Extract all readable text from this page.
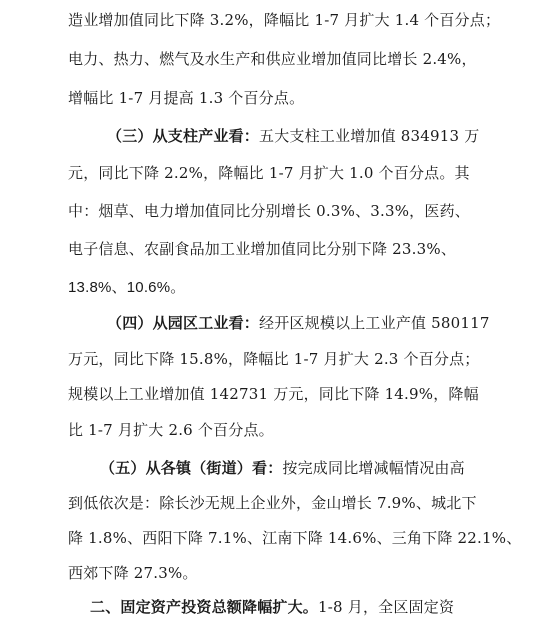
造业增加值同比下降 3.2%，降幅比 1-7 月扩大 1.4 个百分点；
电力、热力、燃气及水生产和供应业增加值同比增长 2.4%，
增幅比 1-7 月提高 1.3 个百分点。
（三）从支柱产业看：五大支柱工业增加值 834913 万
元，同比下降 2.2%，降幅比 1-7 月扩大 1.0 个百分点。其
中：烟草、电力增加值同比分别增长 0.3%、3.3%，医药、
电子信息、农副食品加工业增加值同比分别下降 23.3%、
13.8%、10.6%。
（四）从园区工业看：经开区规模以上工业产值 580117
万元，同比下降 15.8%，降幅比 1-7 月扩大 2.3 个百分点；
规模以上工业增加值 142731 万元，同比下降 14.9%，降幅
比 1-7 月扩大 2.6 个百分点。
（五）从各镇（街道）看：按完成同比增减幅情况由高
到低依次是：除长沙无规上企业外，金山增长 7.9%、城北下
降 1.8%、西阳下降 7.1%、江南下降 14.6%、三角下降 22.1%、
西郊下降 27.3%。
二、固定资产投资总额降幅扩大。1-8 月，全区固定资
